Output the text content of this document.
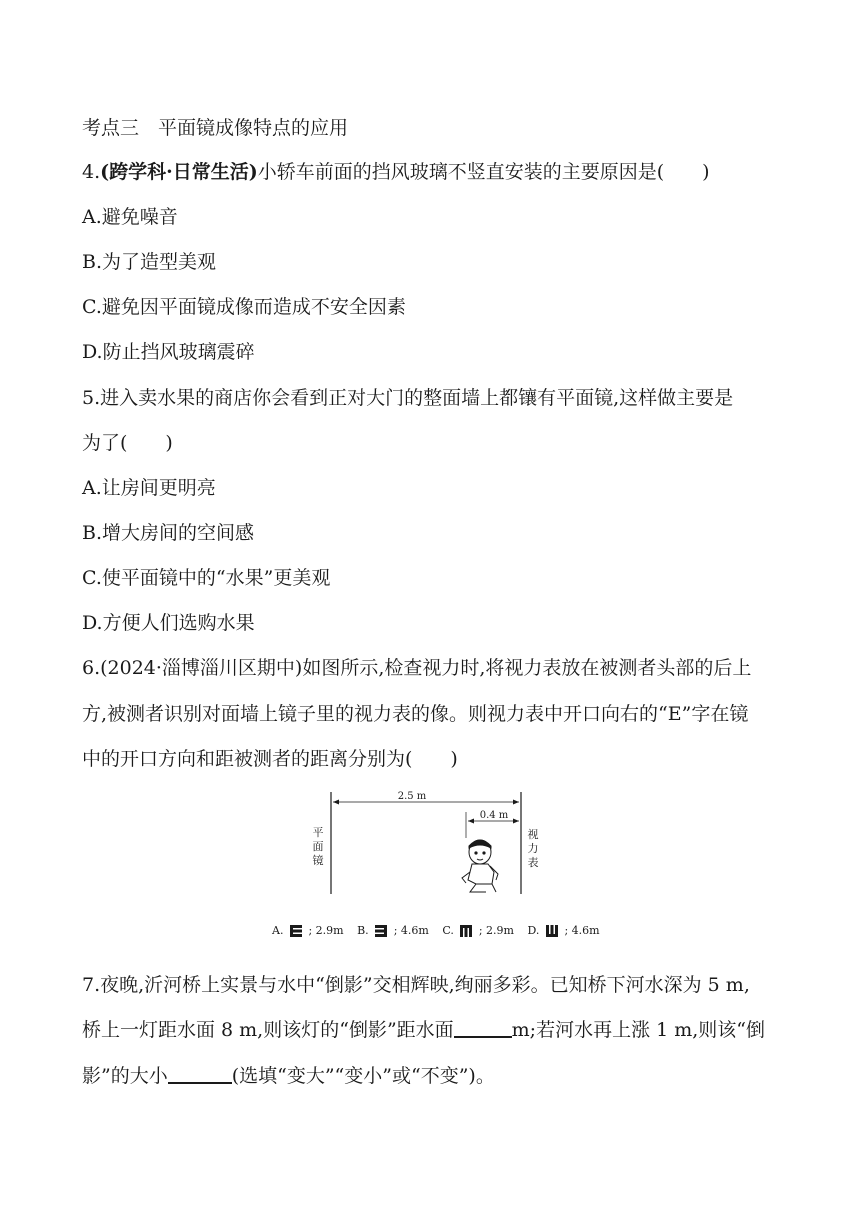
考点三　平面镜成像特点的应用
4.(跨学科·日常生活)小轿车前面的挡风玻璃不竖直安装的主要原因是(　　)
A.避免噪音
B.为了造型美观
C.避免因平面镜成像而造成不安全因素
D.防止挡风玻璃震碎
5.进入卖水果的商店你会看到正对大门的整面墙上都镶有平面镜,这样做主要是
为了(　　)
A.让房间更明亮
B.增大房间的空间感
C.使平面镜中的“水果”更美观
D.方便人们选购水果
6.(2024·淄博淄川区期中)如图所示,检查视力时,将视力表放在被测者头部的后上
方,被测者识别对面墙上镜子里的视力表的像。则视力表中开口向右的“E”字在镜
中的开口方向和距被测者的距离分别为(　　)
2.5 m
0.4 m
平
面
镜
视
力
表
A. ; 2.9m B. ; 4.6m C. ; 2.9m D. ; 4.6m
7.夜晚,沂河桥上实景与水中“倒影”交相辉映,绚丽多彩。已知桥下河水深为 5 m,
桥上一灯距水面 8 m,则该灯的“倒影”距水面	m;若河水再上涨 1 m,则该“倒
影”的大小	(选填“变大”“变小”或“不变”)。
